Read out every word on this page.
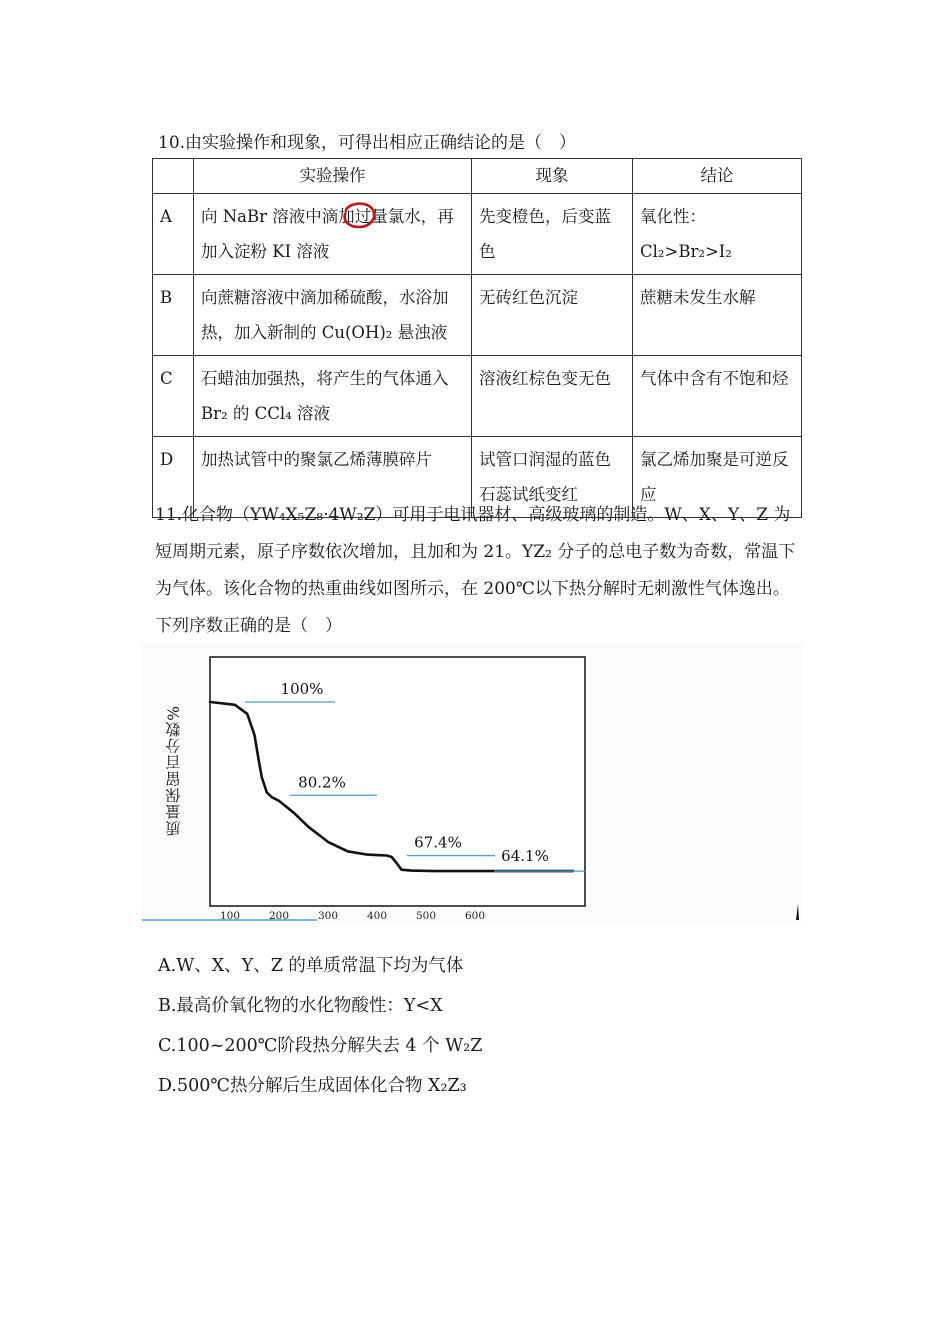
10.由实验操作和现象，可得出相应正确结论的是（　）
	实验操作	现象	结论
A	向 NaBr 溶液中滴加过量氯水，再加入淀粉 KI 溶液	先变橙色，后变蓝色	氧化性：Cl₂>Br₂>I₂
B	向蔗糖溶液中滴加稀硫酸，水浴加热，加入新制的 Cu(OH)₂ 悬浊液	无砖红色沉淀	蔗糖未发生水解
C	石蜡油加强热，将产生的气体通入 Br₂ 的 CCl₄ 溶液	溶液红棕色变无色	气体中含有不饱和烃
D	加热试管中的聚氯乙烯薄膜碎片	试管口润湿的蓝色石蕊试纸变红	氯乙烯加聚是可逆反应
11.化合物（YW₄X₅Z₈·4W₂Z）可用于电讯器材、高级玻璃的制造。W、X、Y、Z 为短周期元素，原子序数依次增加，且加和为 21。YZ₂ 分子的总电子数为奇数，常温下为气体。该化合物的热重曲线如图所示，在 200℃以下热分解时无刺激性气体逸出。下列序数正确的是（　）
100	200	300	400	500	600
100%
80.2%
67.4%
64.1%
质量保留百分数%
A.W、X、Y、Z 的单质常温下均为气体
B.最高价氧化物的水化物酸性：Y<X
C.100~200℃阶段热分解失去 4 个 W₂Z
D.500℃热分解后生成固体化合物 X₂Z₃
